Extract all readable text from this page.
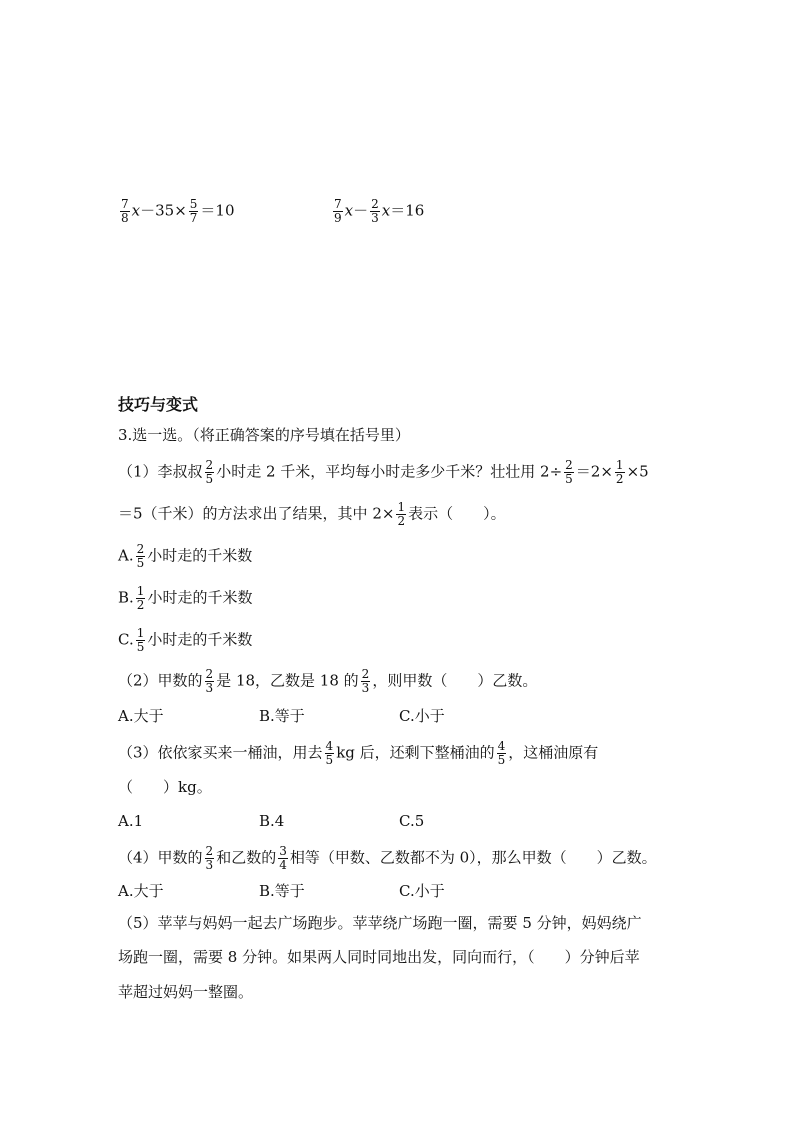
$\frac{7}{8} x-35\times \frac{5}{7} =10$	$\frac{7}{9} x- \frac{2}{3} x=16$
技巧与变式
3.选一选。（将正确答案的序号填在括号里）
（1）李叔叔 $\frac{2}{5}$ 小时走 2 千米，平均每小时走多少千米？壮壮用 $2\div \frac{2}{5} =2\times \frac{1}{2} \times 5$
＝5（千米）的方法求出了结果，其中 $2\times \frac{1}{2}$ 表示（　　）。
A. $\frac{2}{5}$ 小时走的千米数
B. $\frac{1}{2}$ 小时走的千米数
C. $\frac{1}{5}$ 小时走的千米数
（2）甲数的 $\frac{2}{3}$ 是 18，乙数是 18 的 $\frac{2}{3}$ ，则甲数（　　）乙数。
A.大于	B.等于	C.小于
（3）依依家买来一桶油，用去 $\frac{4}{5}$ kg 后，还剩下整桶油的 $\frac{4}{5}$ ，这桶油原有
（　　）kg。
A.1	B.4	C.5
（4）甲数的 $\frac{2}{3}$ 和乙数的 $\frac{3}{4}$ 相等（甲数、乙数都不为 0），那么甲数（　　）乙数。
A.大于	B.等于	C.小于
（5）苹苹与妈妈一起去广场跑步。苹苹绕广场跑一圈，需要 5 分钟，妈妈绕广
场跑一圈，需要 8 分钟。如果两人同时同地出发，同向而行，（　　）分钟后苹
苹超过妈妈一整圈。
